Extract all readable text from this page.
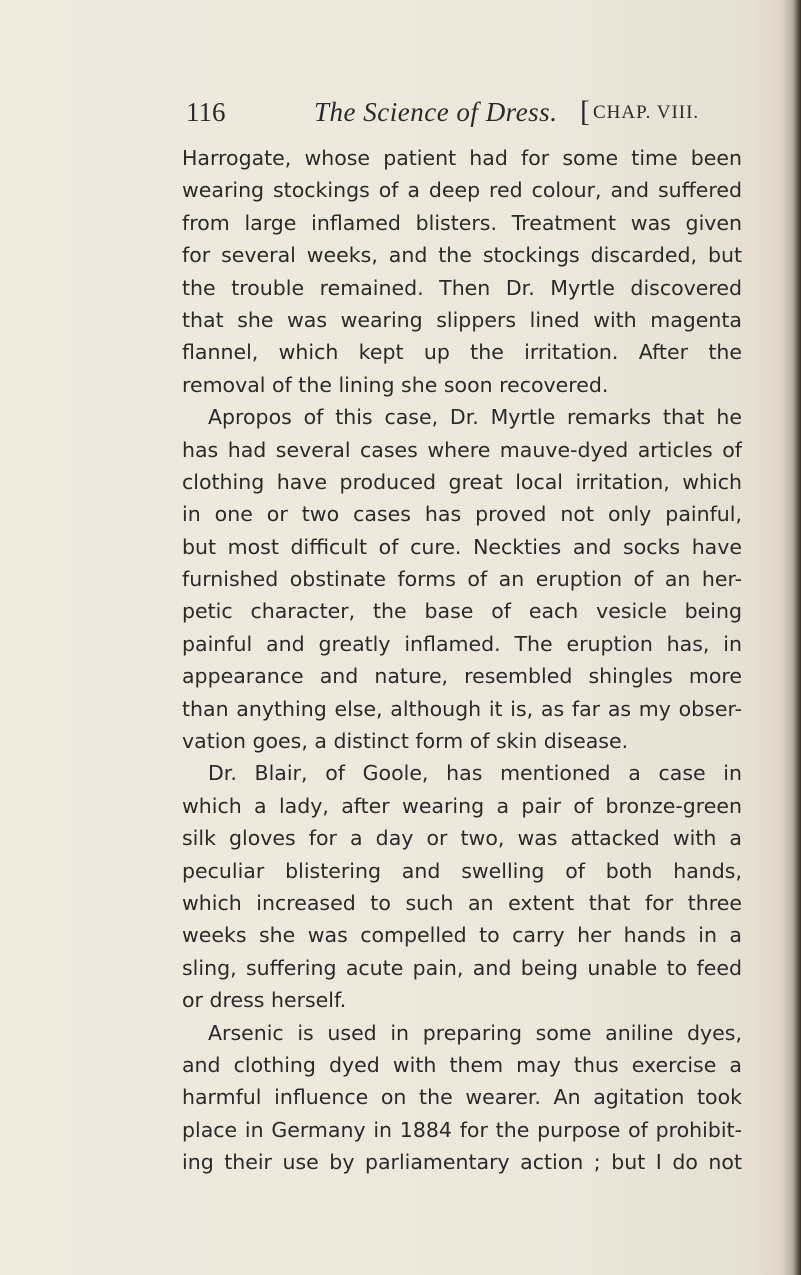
116	The Science of Dress. [ CHAP. VIII.
Harrogate, whose patient had for some time been
wearing stockings of a deep red colour, and suffered
from large inflamed blisters. Treatment was given
for several weeks, and the stockings discarded, but
the trouble remained. Then Dr. Myrtle discovered
that she was wearing slippers lined with magenta
flannel, which kept up the irritation. After the
removal of the lining she soon recovered.
Apropos of this case, Dr. Myrtle remarks that he
has had several cases where mauve-dyed articles of
clothing have produced great local irritation, which
in one or two cases has proved not only painful,
but most difficult of cure. Neckties and socks have
furnished obstinate forms of an eruption of an her-
petic character, the base of each vesicle being
painful and greatly inflamed. The eruption has, in
appearance and nature, resembled shingles more
than anything else, although it is, as far as my obser-
vation goes, a distinct form of skin disease.
Dr. Blair, of Goole, has mentioned a case in
which a lady, after wearing a pair of bronze-green
silk gloves for a day or two, was attacked with a
peculiar blistering and swelling of both hands,
which increased to such an extent that for three
weeks she was compelled to carry her hands in a
sling, suffering acute pain, and being unable to feed
or dress herself.
Arsenic is used in preparing some aniline dyes,
and clothing dyed with them may thus exercise a
harmful influence on the wearer. An agitation took
place in Germany in 1884 for the purpose of prohibit-
ing their use by parliamentary action ; but I do not
